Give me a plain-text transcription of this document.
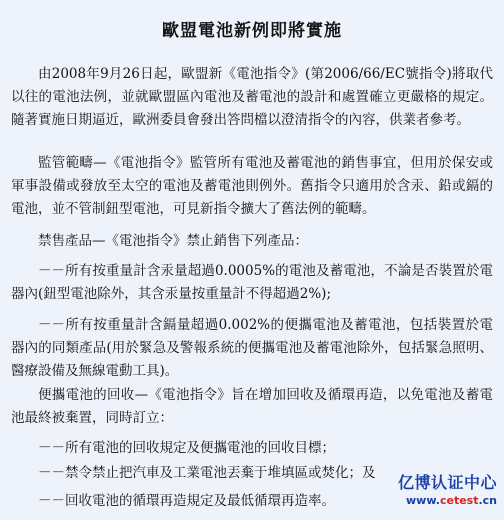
歐盟電池新例即將實施

由2008年9月26日起，歐盟新《電池指令》(第2006/66/EC號指令)將取代以往的電池法例，並就歐盟區內電池及蓄電池的設計和處置確立更嚴格的規定。隨著實施日期逼近，歐洲委員會發出答問檔以澄清指令的內容，供業者參考。

監管範疇—《電池指令》監管所有電池及蓄電池的銷售事宜，但用於保安或軍事設備或發放至太空的電池及蓄電池則例外。舊指令只適用於含汞、鉛或鎘的電池，並不管制鈕型電池，可見新指令擴大了舊法例的範疇。

禁售產品—《電池指令》禁止銷售下列產品：

－－所有按重量計含汞量超過0.0005%的電池及蓄電池，不論是否裝置於電器內(鈕型電池除外，其含汞量按重量計不得超過2%);

－－所有按重量計含鎘量超過0.002%的便攜電池及蓄電池，包括裝置於電器內的同類產品(用於緊急及警報系統的便攜電池及蓄電池除外，包括緊急照明、醫療設備及無線電動工具)。

便攜電池的回收—《電池指令》旨在增加回收及循環再造，以免電池及蓄電池最終被棄置，同時訂立：

－－所有電池的回收規定及便攜電池的回收目標；

－－禁令禁止把汽車及工業電池丟棄于堆填區或焚化；及

－－回收電池的循環再造規定及最低循環再造率。

亿博认证中心
www.cetest.cn
